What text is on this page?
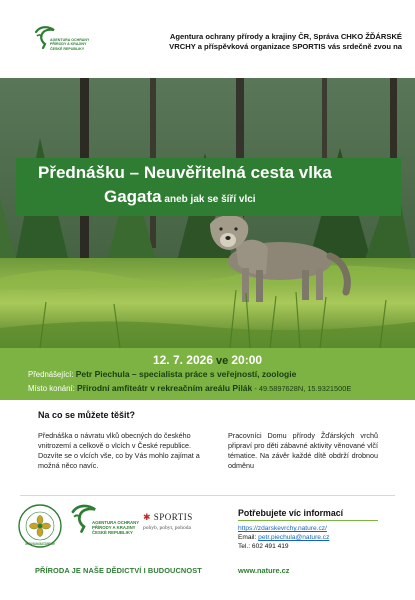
AGENTURA OCHRANY PŘÍRODY A KRAJINY ČESKÉ REPUBLIKY
Agentura ochrany přírody a krajiny ČR, Správa CHKO ŽĎÁRSKÉ
VRCHY a příspěvková organizace SPORTIS vás srdečně zvou na
Přednášku – Neuvěřitelná cesta vlka
Gagata aneb jak se šíří vlci
12. 7. 2026 ve 20:00
Přednášející: Petr Piechula – specialista práce s veřejností, zoologie
Místo konání: Přírodní amfiteátr v rekreačním areálu Pilák - 49.5897628N, 15.9321500E
Na co se můžete těšit?
Přednáška o návratu vlků obecných do českého vnitrozemí a celkově o vlcích v České republice. Dozvíte se o vlcích vše, co by Vás mohlo zajímat a možná něco navíc.
Pracovníci Domu přírody Žďárských vrchů připraví pro děti zábavné aktivity věnované vlčí tématice. Na závěr každé dítě obdrží drobnou odměnu
CHRÁNĚNÁ KRAJINNÁ OBLAST ŽĎÁRSKÉ VRCHY
AGENTURA OCHRANY PŘÍRODY A KRAJINY ČESKÉ REPUBLIKY
✱ SPORTIS
pohyb, pobyt, pohoda
PŘÍRODA JE NAŠE DĚDICTVÍ I BUDOUCNOST
Potřebujete víc informací
https://zdarskevrchy.nature.cz/
Email: petr.piechula@nature.cz
Tel.: 602 491 419
www.nature.cz
